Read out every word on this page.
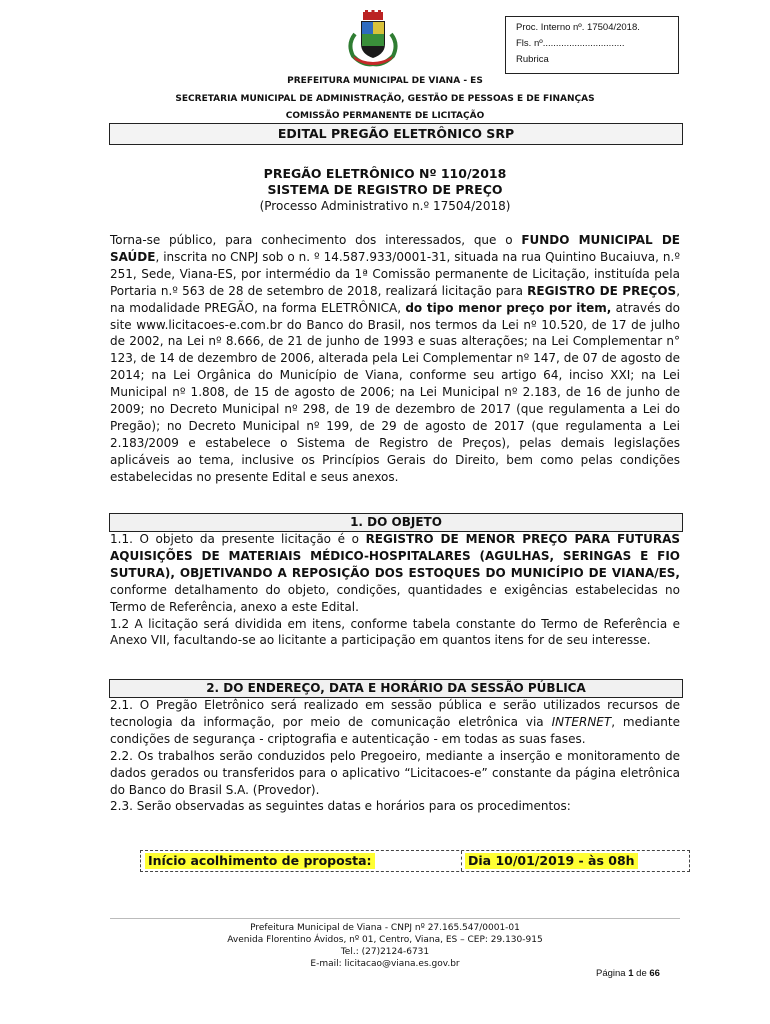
Proc. Interno nº. 17504/2018.
Fls. nº...............................
Rubrica
PREFEITURA MUNICIPAL DE VIANA - ES
SECRETARIA MUNICIPAL DE ADMINISTRAÇÃO, GESTÃO DE PESSOAS E DE FINANÇAS
COMISSÃO PERMANENTE DE LICITAÇÃO
EDITAL PREGÃO ELETRÔNICO SRP
PREGÃO ELETRÔNICO Nº 110/2018
SISTEMA DE REGISTRO DE PREÇO
(Processo Administrativo n.º 17504/2018)

Torna-se público, para conhecimento dos interessados, que o FUNDO MUNICIPAL DE SAÚDE, inscrita no CNPJ sob o n. º 14.587.933/0001-31, situada na rua Quintino Bucaiuva, n.º 251, Sede, Viana-ES, por intermédio da 1ª Comissão permanente de Licitação, instituída pela Portaria n.º 563 de 28 de setembro de 2018, realizará licitação para REGISTRO DE PREÇOS, na modalidade PREGÃO, na forma ELETRÔNICA, do tipo menor preço por item, através do site www.licitacoes-e.com.br do Banco do Brasil, nos termos da Lei nº 10.520, de 17 de julho de 2002, na Lei nº 8.666, de 21 de junho de 1993 e suas alterações; na Lei Complementar n° 123, de 14 de dezembro de 2006, alterada pela Lei Complementar nº 147, de 07 de agosto de 2014; na Lei Orgânica do Município de Viana, conforme seu artigo 64, inciso XXI; na Lei Municipal nº 1.808, de 15 de agosto de 2006; na Lei Municipal nº 2.183, de 16 de junho de 2009; no Decreto Municipal nº 298, de 19 de dezembro de 2017 (que regulamenta a Lei do Pregão); no Decreto Municipal nº 199, de 29 de agosto de 2017 (que regulamenta a Lei 2.183/2009 e estabelece o Sistema de Registro de Preços), pelas demais legislações aplicáveis ao tema, inclusive os Princípios Gerais do Direito, bem como pelas condições estabelecidas no presente Edital e seus anexos.

1. DO OBJETO

1.1. O objeto da presente licitação é o REGISTRO DE MENOR PREÇO PARA FUTURAS AQUISIÇÕES DE MATERIAIS MÉDICO-HOSPITALARES (AGULHAS, SERINGAS E FIO SUTURA), OBJETIVANDO A REPOSIÇÃO DOS ESTOQUES DO MUNICÍPIO DE VIANA/ES, conforme detalhamento do objeto, condições, quantidades e exigências estabelecidas no Termo de Referência, anexo a este Edital.

1.2 A licitação será dividida em itens, conforme tabela constante do Termo de Referência e Anexo VII, facultando-se ao licitante a participação em quantos itens for de seu interesse.

2. DO ENDEREÇO, DATA E HORÁRIO DA SESSÃO PÚBLICA

2.1. O Pregão Eletrônico será realizado em sessão pública e serão utilizados recursos de tecnologia da informação, por meio de comunicação eletrônica via INTERNET, mediante condições de segurança - criptografia e autenticação - em todas as suas fases.

2.2. Os trabalhos serão conduzidos pelo Pregoeiro, mediante a inserção e monitoramento de dados gerados ou transferidos para o aplicativo “Licitacoes-e” constante da página eletrônica do Banco do Brasil S.A. (Provedor).

2.3. Serão observadas as seguintes datas e horários para os procedimentos:

Início acolhimento de proposta:	Dia 10/01/2019 - às 08h
Prefeitura Municipal de Viana - CNPJ nº 27.165.547/0001-01
Avenida Florentino Ávidos, nº 01, Centro, Viana, ES – CEP: 29.130-915
Tel.: (27)2124-6731
E-mail: licitacao@viana.es.gov.br
Página 1 de 66
